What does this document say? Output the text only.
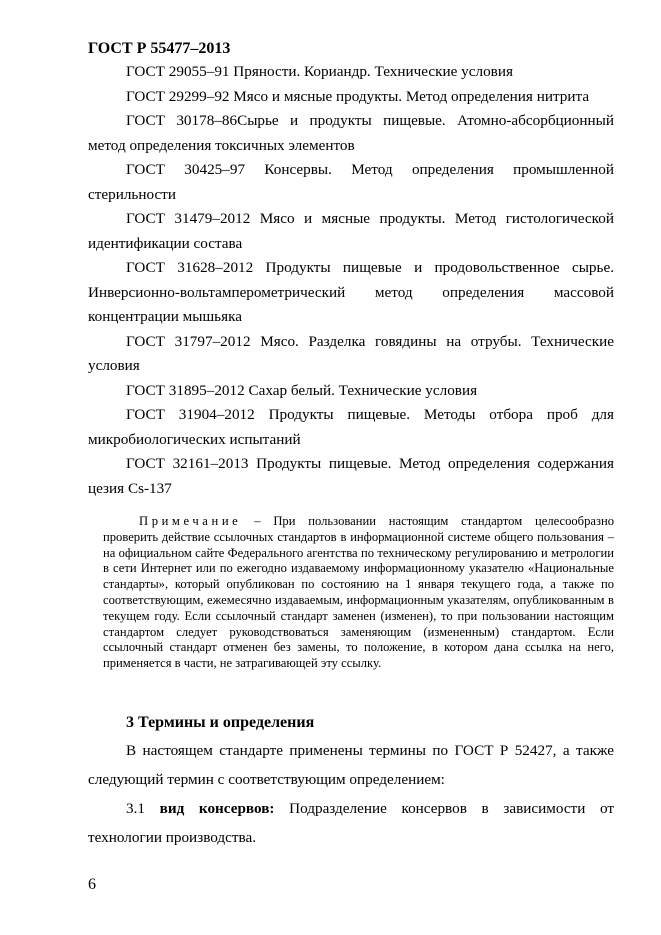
ГОСТ Р 55477–2013

ГОСТ 29055–91 Пряности. Кориандр. Технические условия

ГОСТ 29299–92 Мясо и мясные продукты. Метод определения нитрита

ГОСТ 30178–86Сырье и продукты пищевые. Атомно-абсорбционный метод определения токсичных элементов

ГОСТ 30425–97 Консервы. Метод определения промышленной стерильности

ГОСТ 31479–2012 Мясо и мясные продукты. Метод гистологической идентификации состава

ГОСТ 31628–2012 Продукты пищевые и продовольственное сырье. Инверсионно-вольтамперометрический метод определения массовой концентрации мышьяка

ГОСТ 31797–2012 Мясо. Разделка говядины на отрубы. Технические условия

ГОСТ 31895–2012 Сахар белый. Технические условия

ГОСТ 31904–2012 Продукты пищевые. Методы отбора проб для микробиологических испытаний

ГОСТ 32161–2013 Продукты пищевые. Метод определения содержания цезия Cs-137

Примечание – При пользовании настоящим стандартом целесообразно проверить действие ссылочных стандартов в информационной системе общего пользования – на официальном сайте Федерального агентства по техническому регулированию и метрологии в сети Интернет или по ежегодно издаваемому информационному указателю «Национальные стандарты», который опубликован по состоянию на 1 января текущего года, а также по соответствующим, ежемесячно издаваемым, информационным указателям, опубликованным в текущем году. Если ссылочный стандарт заменен (изменен), то при пользовании настоящим стандартом следует руководствоваться заменяющим (измененным) стандартом. Если ссылочный стандарт отменен без замены, то положение, в котором дана ссылка на него, применяется в части, не затрагивающей эту ссылку.

3 Термины и определения

В настоящем стандарте применены термины по ГОСТ Р 52427, а также следующий термин с соответствующим определением:

3.1 вид консервов: Подразделение консервов в зависимости от технологии производства.

6
